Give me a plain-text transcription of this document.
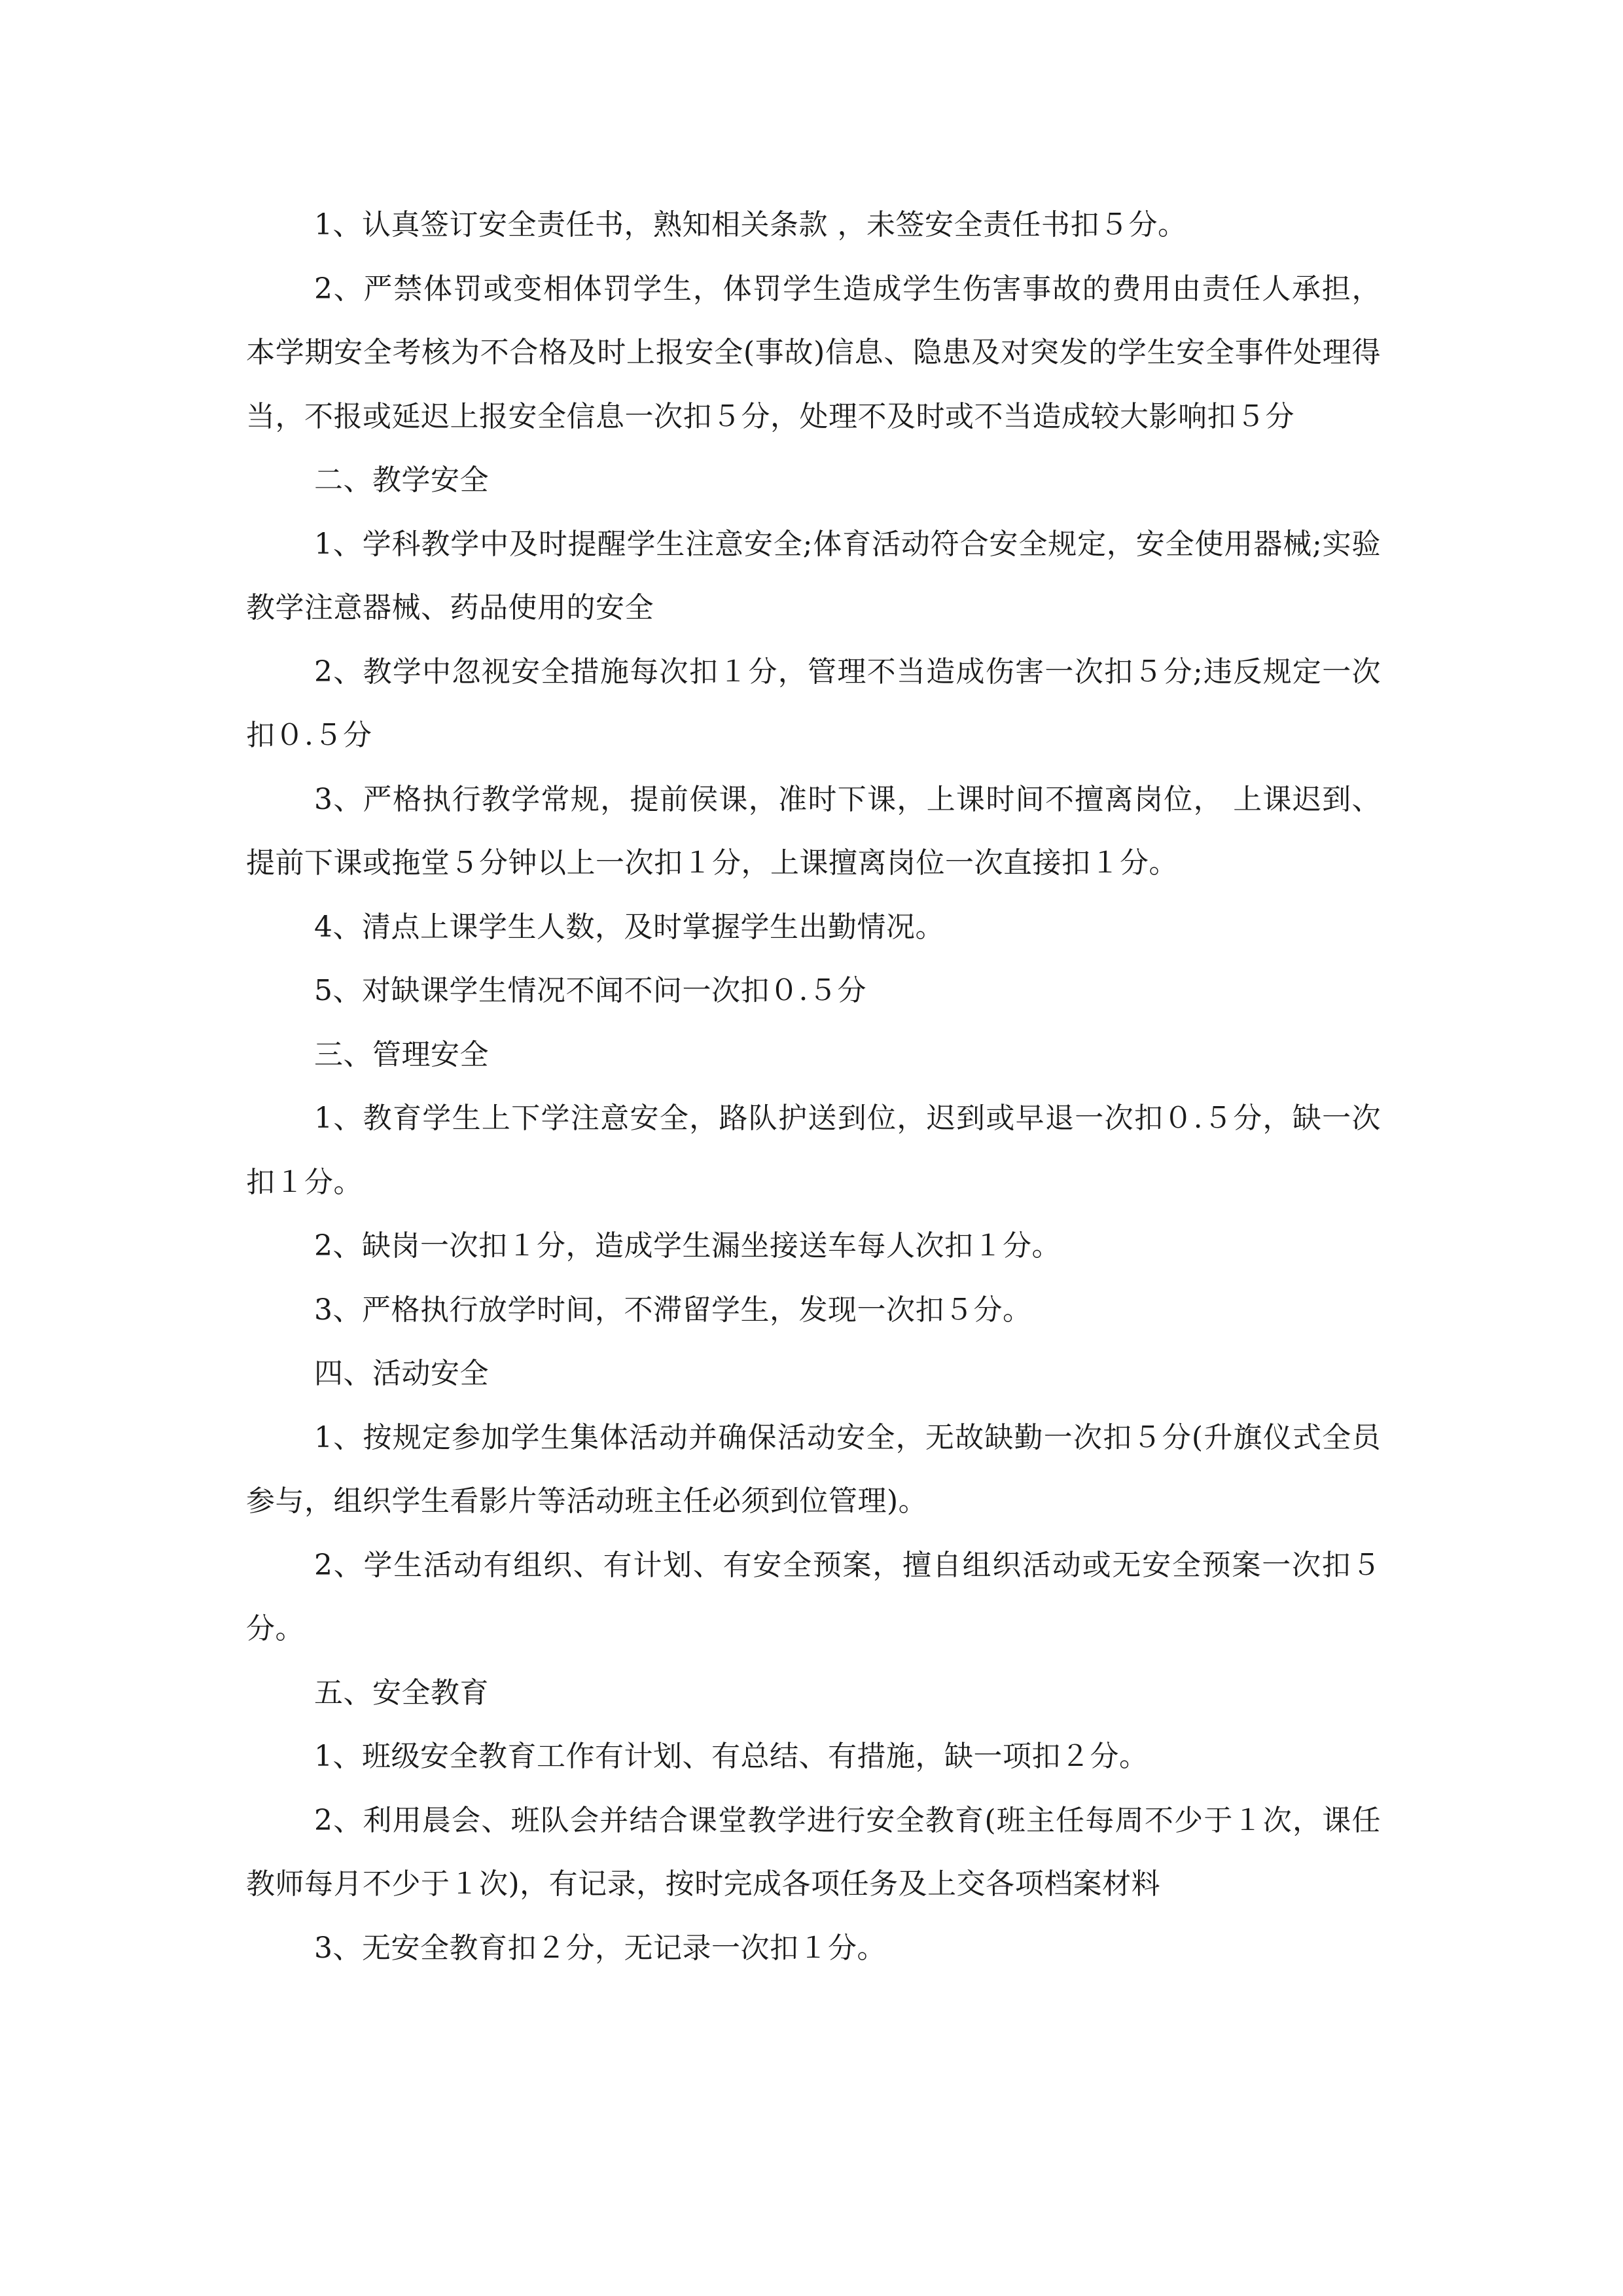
1、认真签订安全责任书，熟知相关条款 ，未签安全责任书扣５分。

2、严禁体罚或变相体罚学生，体罚学生造成学生伤害事故的费用由责任人承担，本学期安全考核为不合格及时上报安全(事故)信息、隐患及对突发的学生安全事件处理得当，不报或延迟上报安全信息一次扣５分，处理不及时或不当造成较大影响扣５分

二、教学安全

1、学科教学中及时提醒学生注意安全;体育活动符合安全规定，安全使用器械;实验教学注意器械、药品使用的安全

2、教学中忽视安全措施每次扣１分，管理不当造成伤害一次扣５分;违反规定一次扣０.５分

3、严格执行教学常规，提前侯课，准时下课，上课时间不擅离岗位， 上课迟到、提前下课或拖堂５分钟以上一次扣１分，上课擅离岗位一次直接扣１分。

4、清点上课学生人数，及时掌握学生出勤情况。

5、对缺课学生情况不闻不问一次扣０.５分

三、管理安全

1、教育学生上下学注意安全，路队护送到位，迟到或早退一次扣０.５分，缺一次扣１分。

2、缺岗一次扣１分，造成学生漏坐接送车每人次扣１分。

3、严格执行放学时间，不滞留学生，发现一次扣５分。

四、活动安全

1、按规定参加学生集体活动并确保活动安全，无故缺勤一次扣５分(升旗仪式全员参与，组织学生看影片等活动班主任必须到位管理)。

2、学生活动有组织、有计划、有安全预案，擅自组织活动或无安全预案一次扣５分。

五、安全教育

1、班级安全教育工作有计划、有总结、有措施，缺一项扣２分。

2、利用晨会、班队会并结合课堂教学进行安全教育(班主任每周不少于１次，课任教师每月不少于１次)，有记录，按时完成各项任务及上交各项档案材料

3、无安全教育扣２分，无记录一次扣１分。
